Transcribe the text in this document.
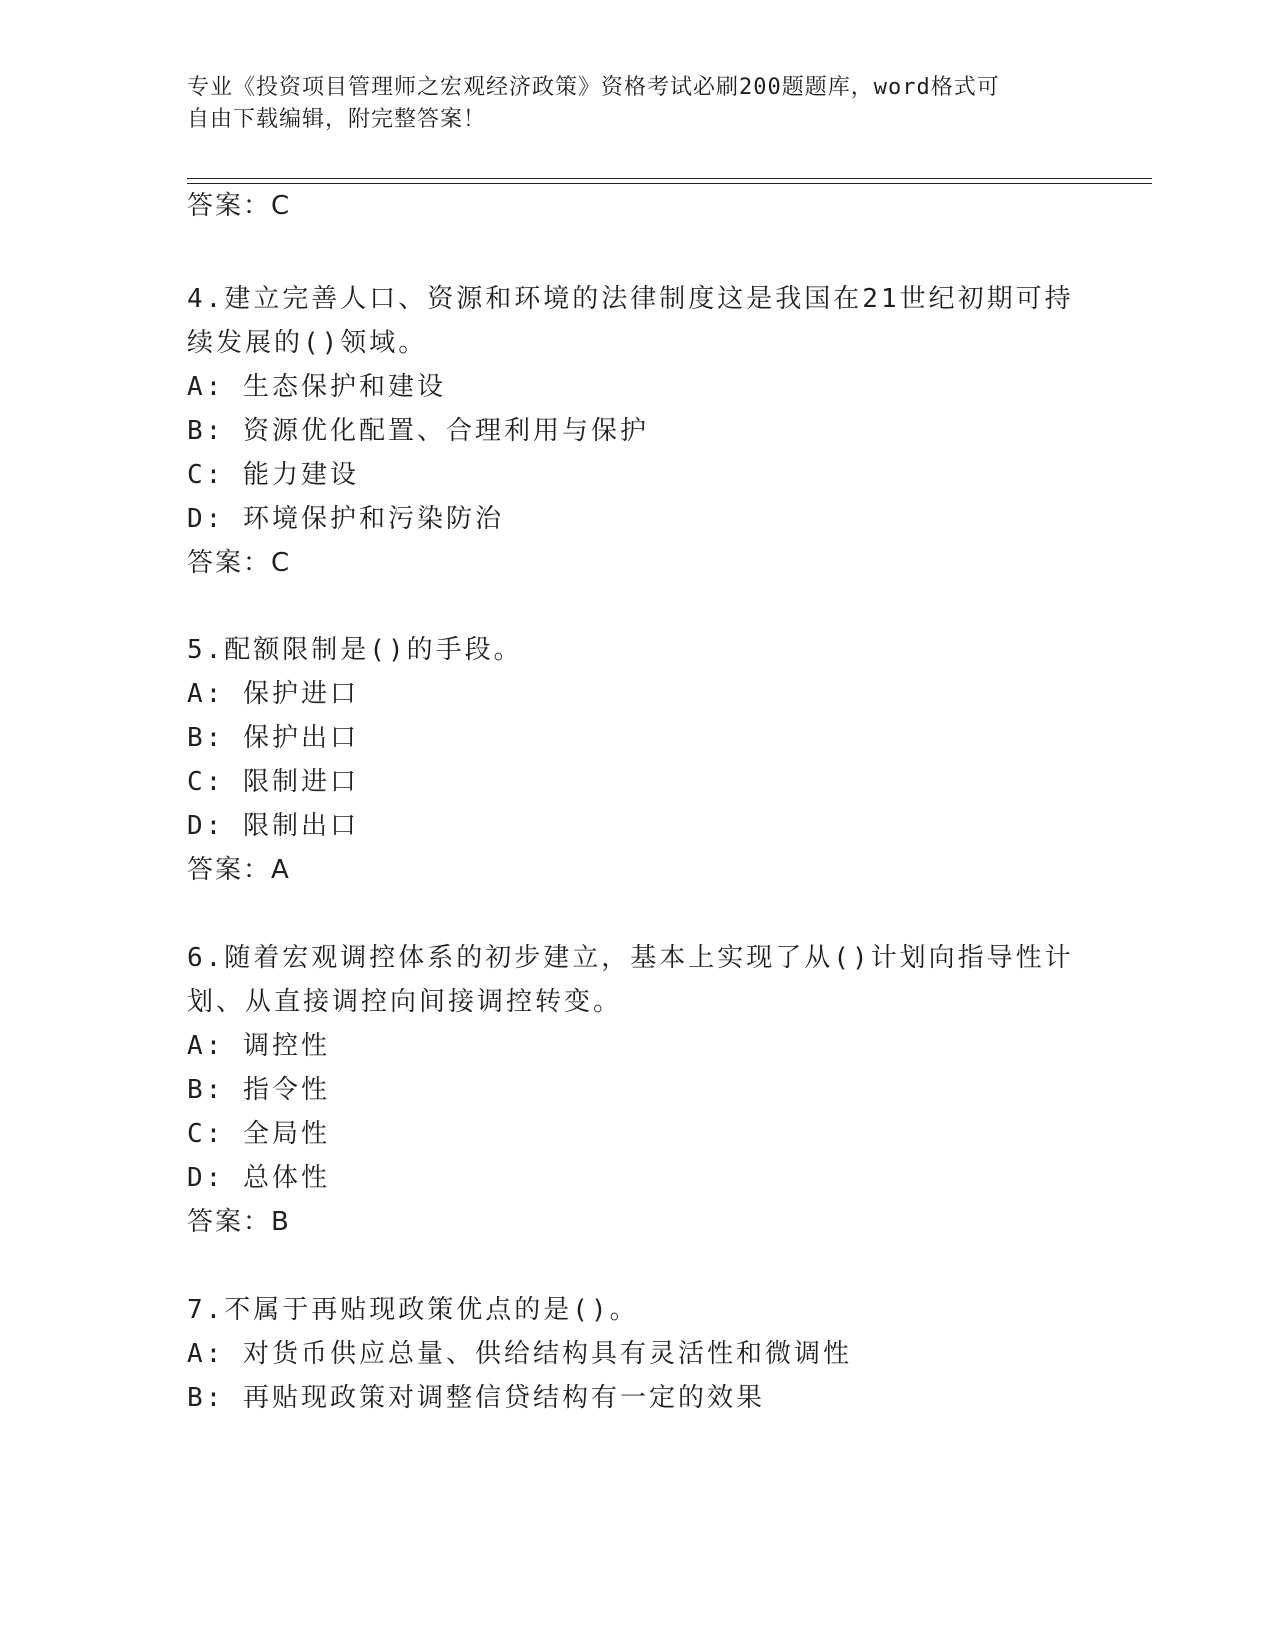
专业《投资项目管理师之宏观经济政策》资格考试必刷200题题库，word格式可
自由下载编辑，附完整答案！
答案：C
4.建立完善人口、资源和环境的法律制度这是我国在21世纪初期可持
续发展的()领域。
A: 生态保护和建设
B: 资源优化配置、合理利用与保护
C: 能力建设
D: 环境保护和污染防治
答案：C
5.配额限制是()的手段。
A: 保护进口
B: 保护出口
C: 限制进口
D: 限制出口
答案：A
6.随着宏观调控体系的初步建立，基本上实现了从()计划向指导性计
划、从直接调控向间接调控转变。
A: 调控性
B: 指令性
C: 全局性
D: 总体性
答案：B
7.不属于再贴现政策优点的是()。
A: 对货币供应总量、供给结构具有灵活性和微调性
B: 再贴现政策对调整信贷结构有一定的效果
